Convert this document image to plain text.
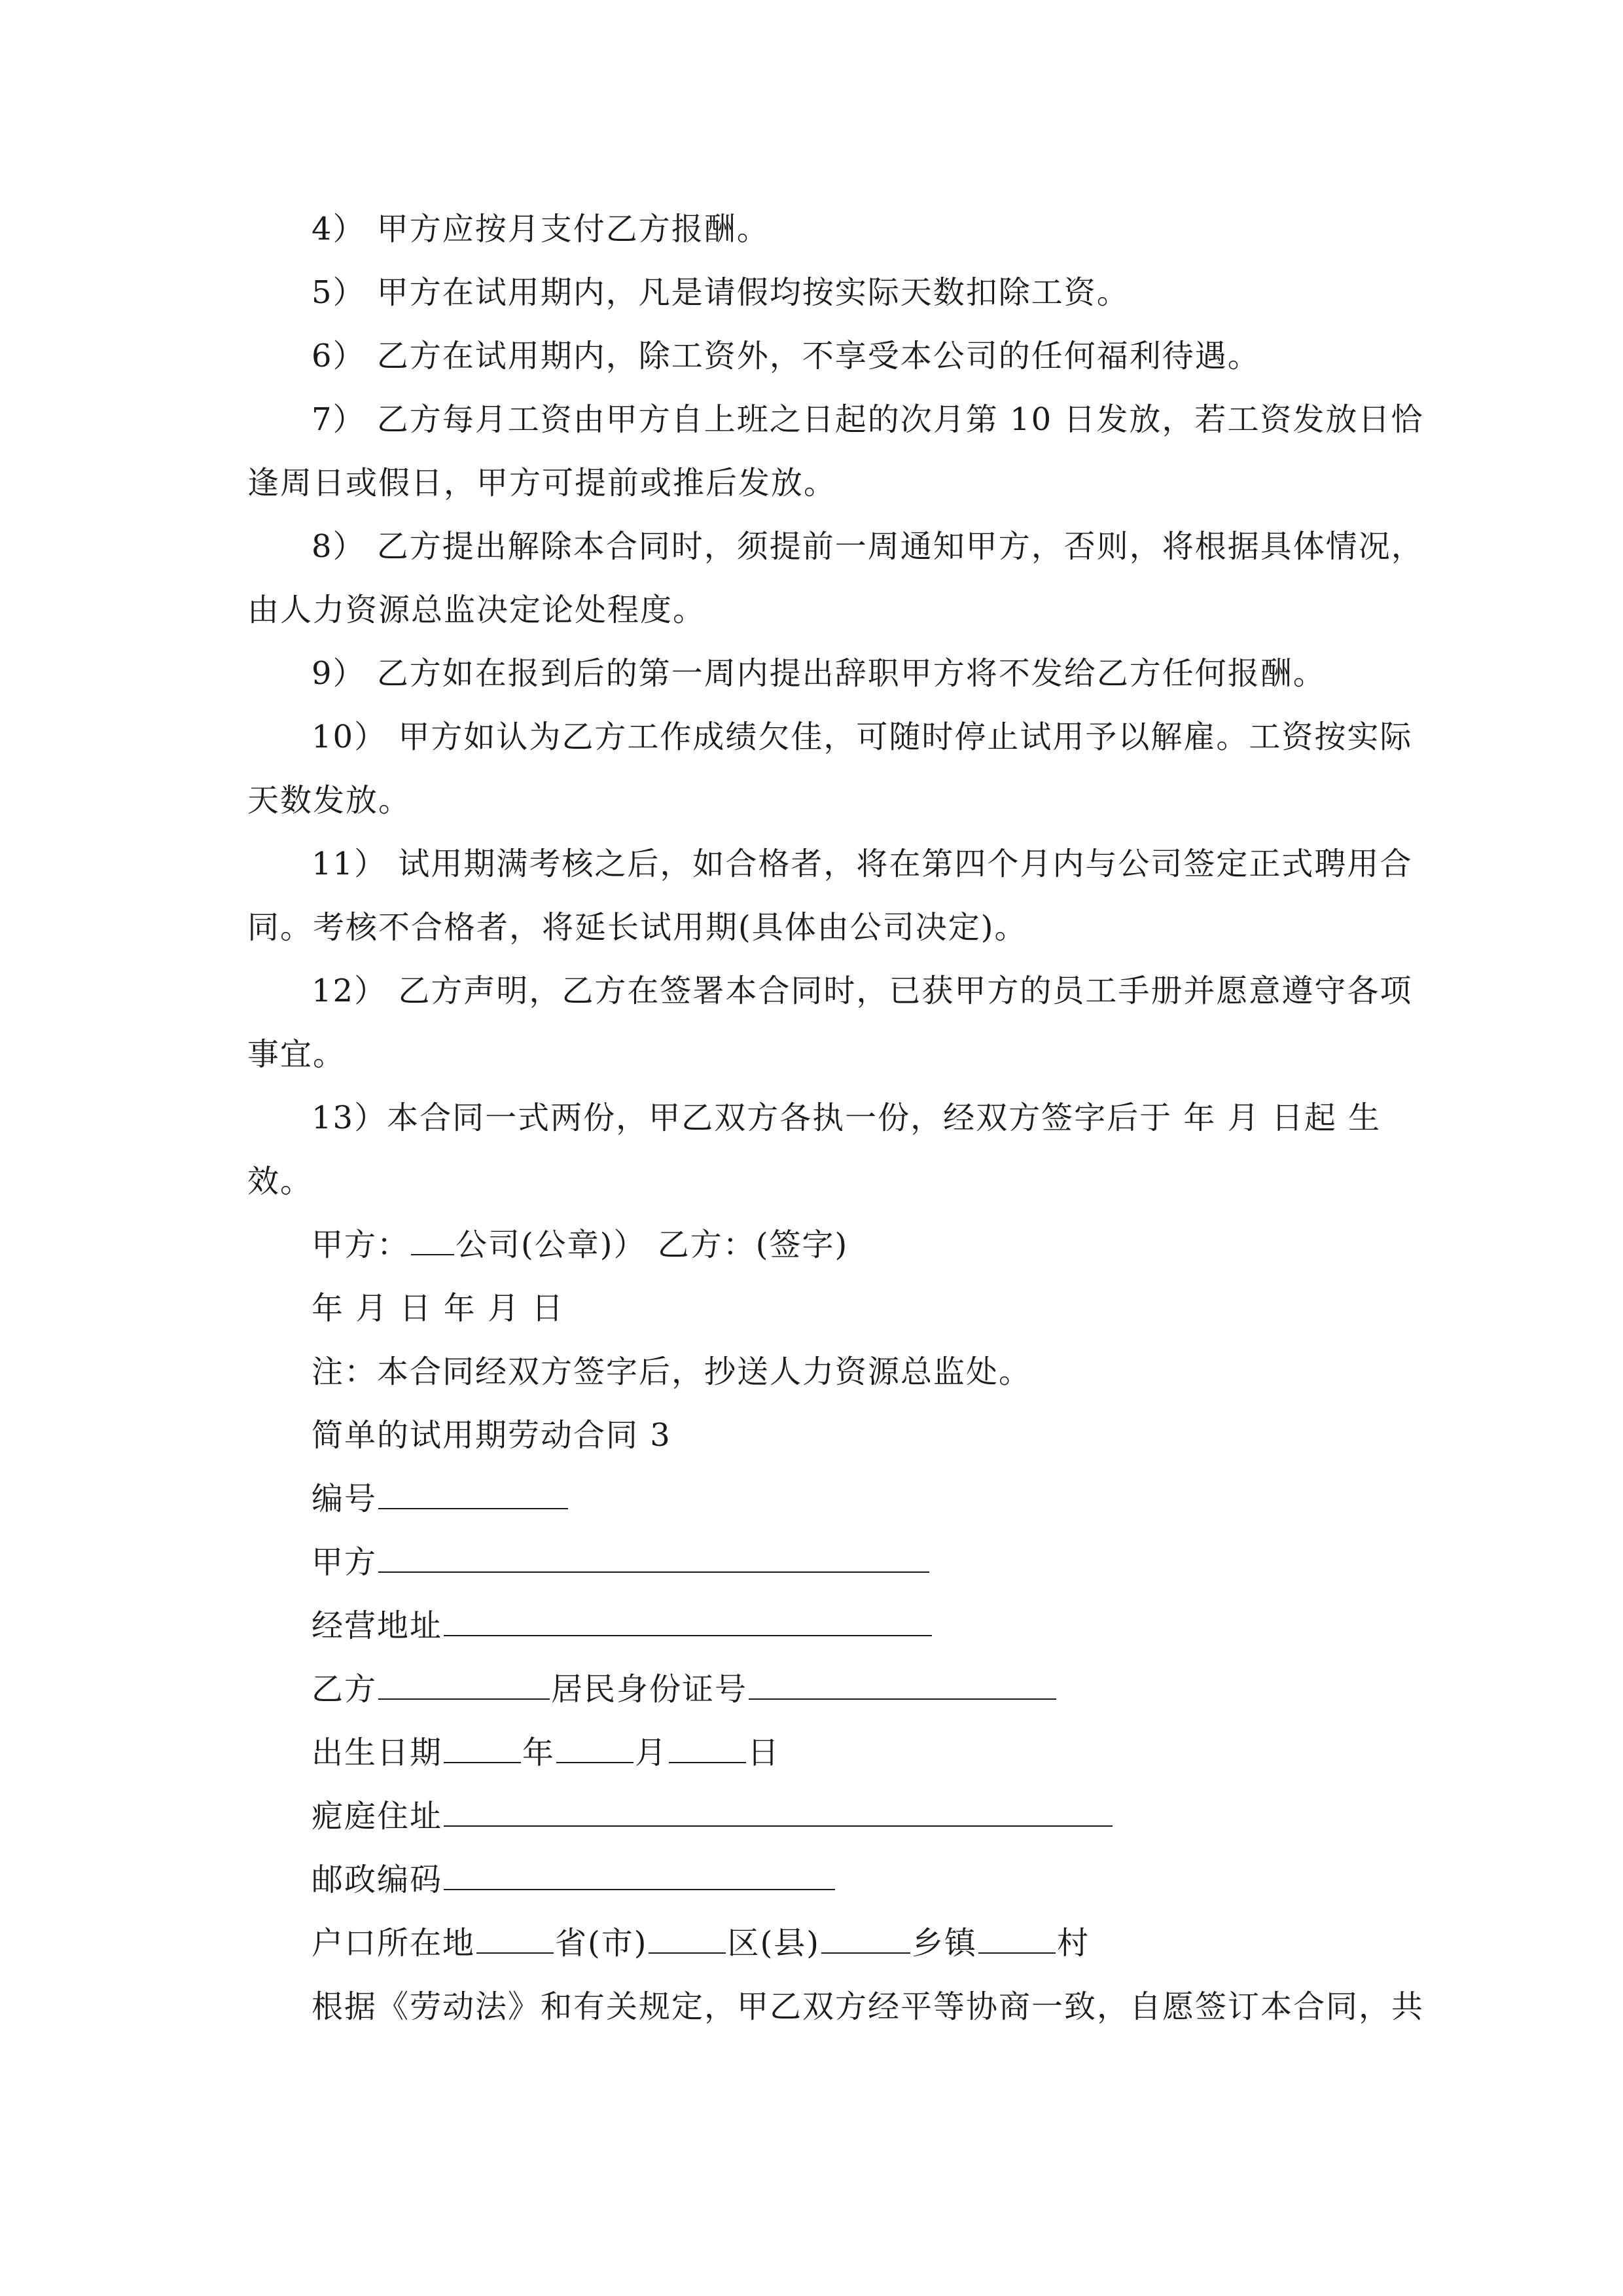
4） 甲方应按月支付乙方报酬。
5） 甲方在试用期内，凡是请假均按实际天数扣除工资。
6） 乙方在试用期内，除工资外，不享受本公司的任何福利待遇。
7） 乙方每月工资由甲方自上班之日起的次月第 10 日发放，若工资发放日恰
逢周日或假日，甲方可提前或推后发放。
8） 乙方提出解除本合同时，须提前一周通知甲方，否则，将根据具体情况，
由人力资源总监决定论处程度。
9） 乙方如在报到后的第一周内提出辞职甲方将不发给乙方任何报酬。
10） 甲方如认为乙方工作成绩欠佳，可随时停止试用予以解雇。工资按实际
天数发放。
11） 试用期满考核之后，如合格者，将在第四个月内与公司签定正式聘用合
同。考核不合格者，将延长试用期(具体由公司决定)。
12） 乙方声明，乙方在签署本合同时，已获甲方的员工手册并愿意遵守各项
事宜。
13）本合同一式两份，甲乙双方各执一份，经双方签字后于 年 月 日起 生
效。
甲方： 公司(公章)） 乙方：(签字)
年 月 日 年 月 日
注：本合同经双方签字后，抄送人力资源总监处。
简单的试用期劳动合同 3
编号
甲方
经营地址
乙方	居民身份证号
出生日期	年	月	日
痆庭住址
邮政编码
户口所在地	省(市)	区(县)	乡镇	村
根据《劳动法》和有关规定，甲乙双方经平等协商一致，自愿签订本合同，共
